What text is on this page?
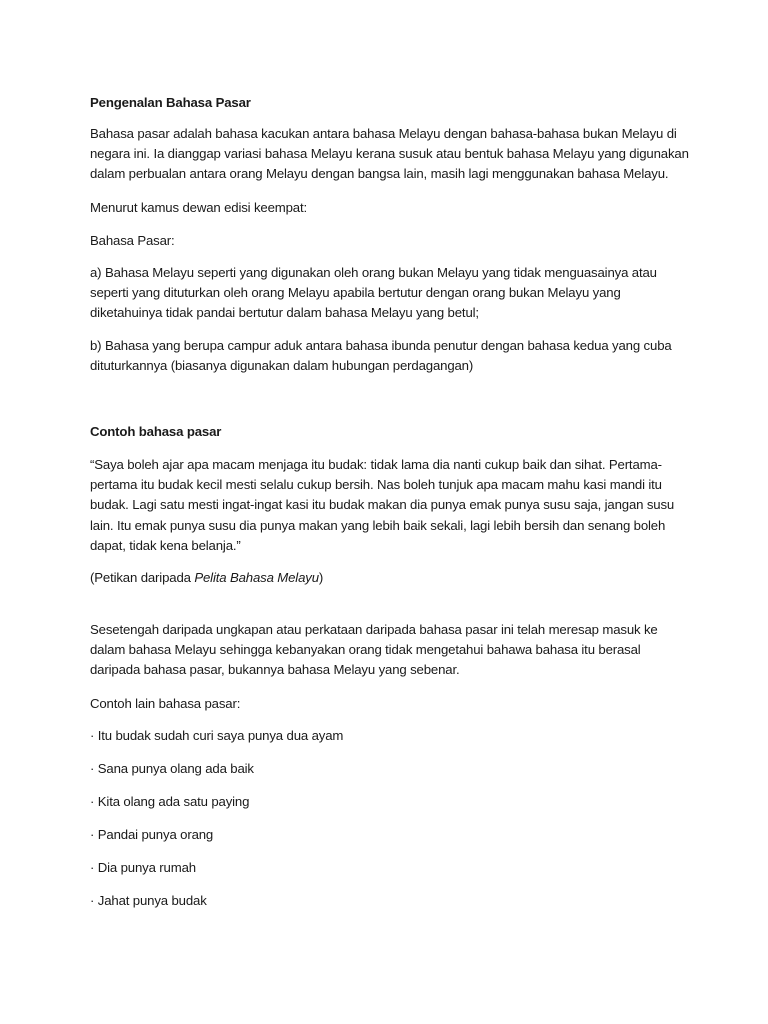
Pengenalan Bahasa Pasar
Bahasa pasar adalah bahasa kacukan antara bahasa Melayu dengan bahasa-bahasa bukan Melayu di negara ini. Ia dianggap variasi bahasa Melayu kerana susuk atau bentuk bahasa Melayu yang digunakan dalam perbualan antara orang Melayu dengan bangsa lain, masih lagi menggunakan bahasa Melayu.
Menurut kamus dewan edisi keempat:
Bahasa Pasar:
a) Bahasa Melayu seperti yang digunakan oleh orang bukan Melayu yang tidak menguasainya atau seperti yang dituturkan oleh orang Melayu apabila bertutur dengan orang bukan Melayu yang diketahuinya tidak pandai bertutur dalam bahasa Melayu yang betul;
b) Bahasa yang berupa campur aduk antara bahasa ibunda penutur dengan bahasa kedua yang cuba dituturkannya (biasanya digunakan dalam hubungan perdagangan)
Contoh bahasa pasar
“Saya boleh ajar apa macam menjaga itu budak: tidak lama dia nanti cukup baik dan sihat. Pertama-pertama itu budak kecil mesti selalu cukup bersih. Nas boleh tunjuk apa macam mahu kasi mandi itu budak. Lagi satu mesti ingat-ingat kasi itu budak makan dia punya emak punya susu saja, jangan susu lain. Itu emak punya susu dia punya makan yang lebih baik sekali, lagi lebih bersih dan senang boleh dapat, tidak kena belanja.”
(Petikan daripada Pelita Bahasa Melayu)
Sesetengah daripada ungkapan atau perkataan daripada bahasa pasar ini telah meresap masuk ke dalam bahasa Melayu sehingga kebanyakan orang tidak mengetahui bahawa bahasa itu berasal daripada bahasa pasar, bukannya bahasa Melayu yang sebenar.
Contoh lain bahasa pasar:
· Itu budak sudah curi saya punya dua ayam
· Sana punya olang ada baik
· Kita olang ada satu paying
· Pandai punya orang
· Dia punya rumah
· Jahat punya budak
